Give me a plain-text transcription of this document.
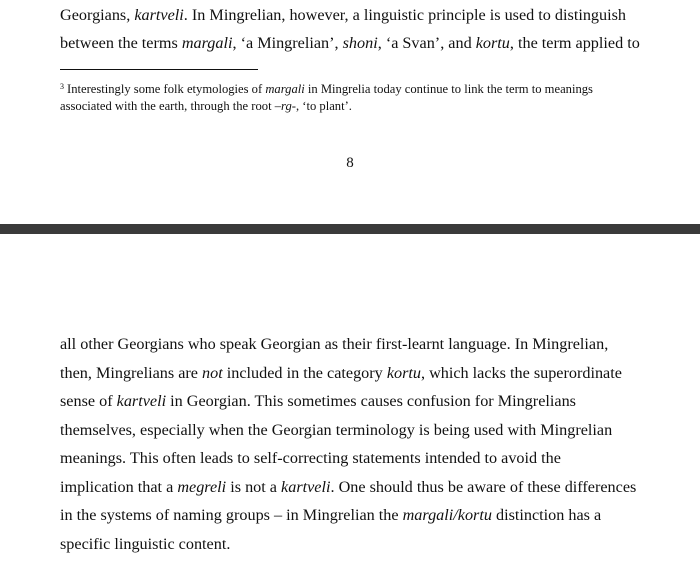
Georgians, kartveli. In Mingrelian, however, a linguistic principle is used to distinguish
between the terms margali, ‘a Mingrelian’, shoni, ‘a Svan’, and kortu, the term applied to
$^3$ Interestingly some folk etymologies of margali in Mingrelia today continue to link the term to meanings
associated with the earth, through the root –rg-, ‘to plant’.
8
all other Georgians who speak Georgian as their first-learnt language. In Mingrelian,
then, Mingrelians are not included in the category kortu, which lacks the superordinate
sense of kartveli in Georgian. This sometimes causes confusion for Mingrelians
themselves, especially when the Georgian terminology is being used with Mingrelian
meanings. This often leads to self-correcting statements intended to avoid the
implication that a megreli is not a kartveli. One should thus be aware of these differences
in the systems of naming groups – in Mingrelian the margali/kortu distinction has a
specific linguistic content.
